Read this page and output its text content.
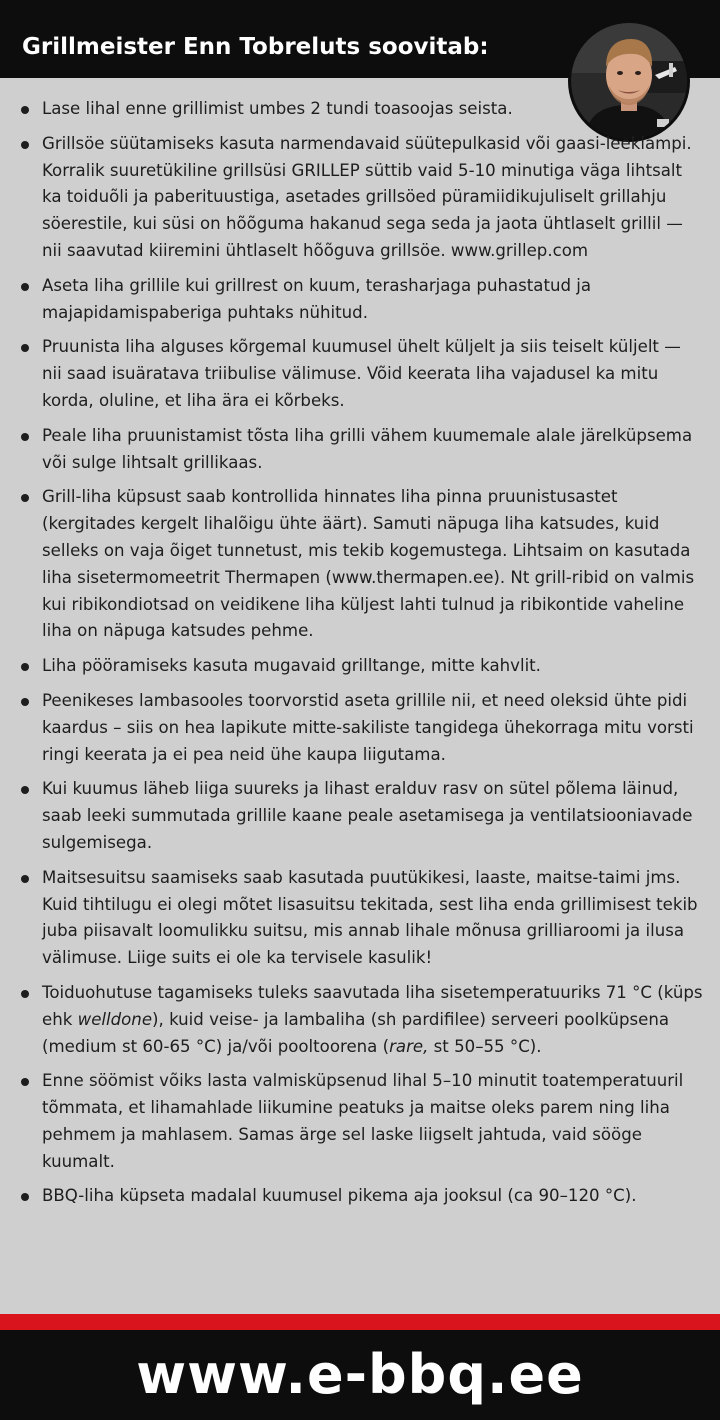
Grillmeister Enn Tobreluts soovitab:
Lase lihal enne grillimist umbes 2 tundi toasoojas seista.
Grillsöe süütamiseks kasuta narmendavaid süütepulkasid või gaasi-leeklampi. Korralik suuretükiline grillsüsi GRILLEP süttib vaid 5-10 minutiga väga lihtsalt ka toiduõli ja paberituustiga, asetades grillsöed püramiidikujuliselt grillahju söerestile, kui süsi on hõõguma hakanud sega seda ja jaota ühtlaselt grillil — nii saavutad kiiremini ühtlaselt hõõguva grillsöe. www.grillep.com
Aseta liha grillile kui grillrest on kuum, terasharjaga puhastatud ja majapidamispaberiga puhtaks nühitud.
Pruunista liha alguses kõrgemal kuumusel ühelt küljelt ja siis teiselt küljelt — nii saad isuäratava triibulise välimuse. Võid keerata liha vajadusel ka mitu korda, oluline, et liha ära ei kõrbeks.
Peale liha pruunistamist tõsta liha grilli vähem kuumemale alale järelküpsema või sulge lihtsalt grillikaas.
Grill-liha küpsust saab kontrollida hinnates liha pinna pruunistusastet (kergitades kergelt lihalõigu ühte äärt). Samuti näpuga liha katsudes, kuid selleks on vaja õiget tunnetust, mis tekib kogemustega. Lihtsaim on kasutada liha sisetermomeetrit Thermapen (www.thermapen.ee). Nt grill-ribid on valmis kui ribikondiotsad on veidikene liha küljest lahti tulnud ja ribikontide vaheline liha on näpuga katsudes pehme.
Liha pööramiseks kasuta mugavaid grilltange, mitte kahvlit.
Peenikeses lambasooles toorvorstid aseta grillile nii, et need oleksid ühte pidi kaardus – siis on hea lapikute mitte-sakiliste tangidega ühekorraga mitu vorsti ringi keerata ja ei pea neid ühe kaupa liigutama.
Kui kuumus läheb liiga suureks ja lihast eralduv rasv on sütel põlema läinud, saab leeki summutada grillile kaane peale asetamisega ja ventilatsiooniavade sulgemisega.
Maitsesuitsu saamiseks saab kasutada puutükikesi, laaste, maitse-taimi jms. Kuid tihtilugu ei olegi mõtet lisasuitsu tekitada, sest liha enda grillimisest tekib juba piisavalt loomulikku suitsu, mis annab lihale mõnusa grilliaroomi ja ilusa välimuse. Liige suits ei ole ka tervisele kasulik!
Toiduohutuse tagamiseks tuleks saavutada liha sisetemperatuuriks 71 °C (küps ehk welldone), kuid veise- ja lambaliha (sh pardifilee) serveeri poolküpsena (medium st 60-65 °C) ja/või pooltoorena (rare, st 50–55 °C).
Enne söömist võiks lasta valmisküpsenud lihal 5–10 minutit toatemperatuuril tõmmata, et lihamahlade liikumine peatuks ja maitse oleks parem ning liha pehmem ja mahlasem. Samas ärge sel laske liigselt jahtuda, vaid sööge kuumalt.
BBQ-liha küpseta madalal kuumusel pikema aja jooksul (ca 90–120 °C).
www.e-bbq.ee
